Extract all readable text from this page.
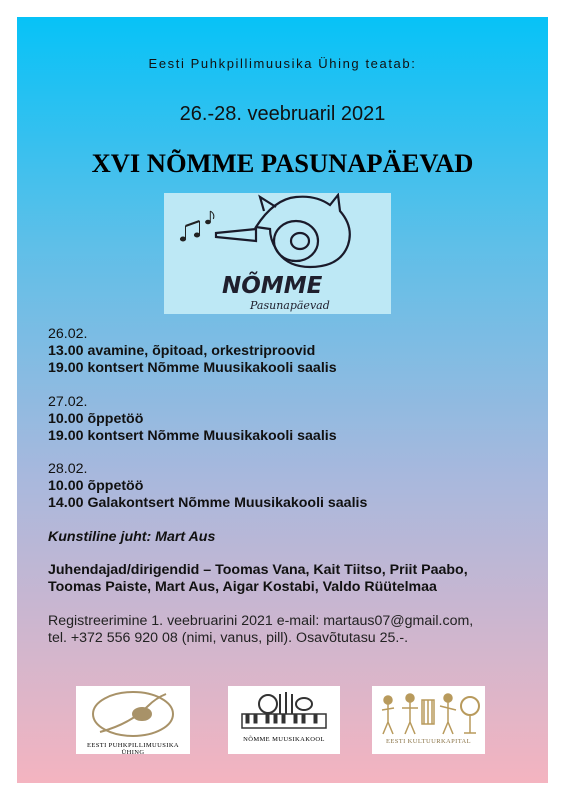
Eesti Puhkpillimuusika Ühing teatab:
26.-28. veebruaril 2021
XVI NÕMME PASUNAPÄEVAD
NÕMME
Pasunapäevad
26.02.
13.00 avamine, õpitoad, orkestriproovid
19.00 kontsert Nõmme Muusikakooli saalis
27.02.
10.00 õppetöö
19.00 kontsert Nõmme Muusikakooli saalis
28.02.
10.00 õppetöö
14.00 Galakontsert Nõmme Muusikakooli saalis
Kunstiline juht: Mart Aus
Juhendajad/dirigendid – Toomas Vana, Kait Tiitso, Priit Paabo,
Toomas Paiste, Mart Aus, Aigar Kostabi, Valdo Rüütelmaa
Registreerimine 1. veebruarini 2021 e-mail: martaus07@gmail.com,
tel. +372 556 920 08 (nimi, vanus, pill). Osavõtutasu 25.-.
EESTI PUHKPILLIMUUSIKA ÜHING
NÕMME MUUSIKAKOOL	EESTI KULTUURKAPITAL
